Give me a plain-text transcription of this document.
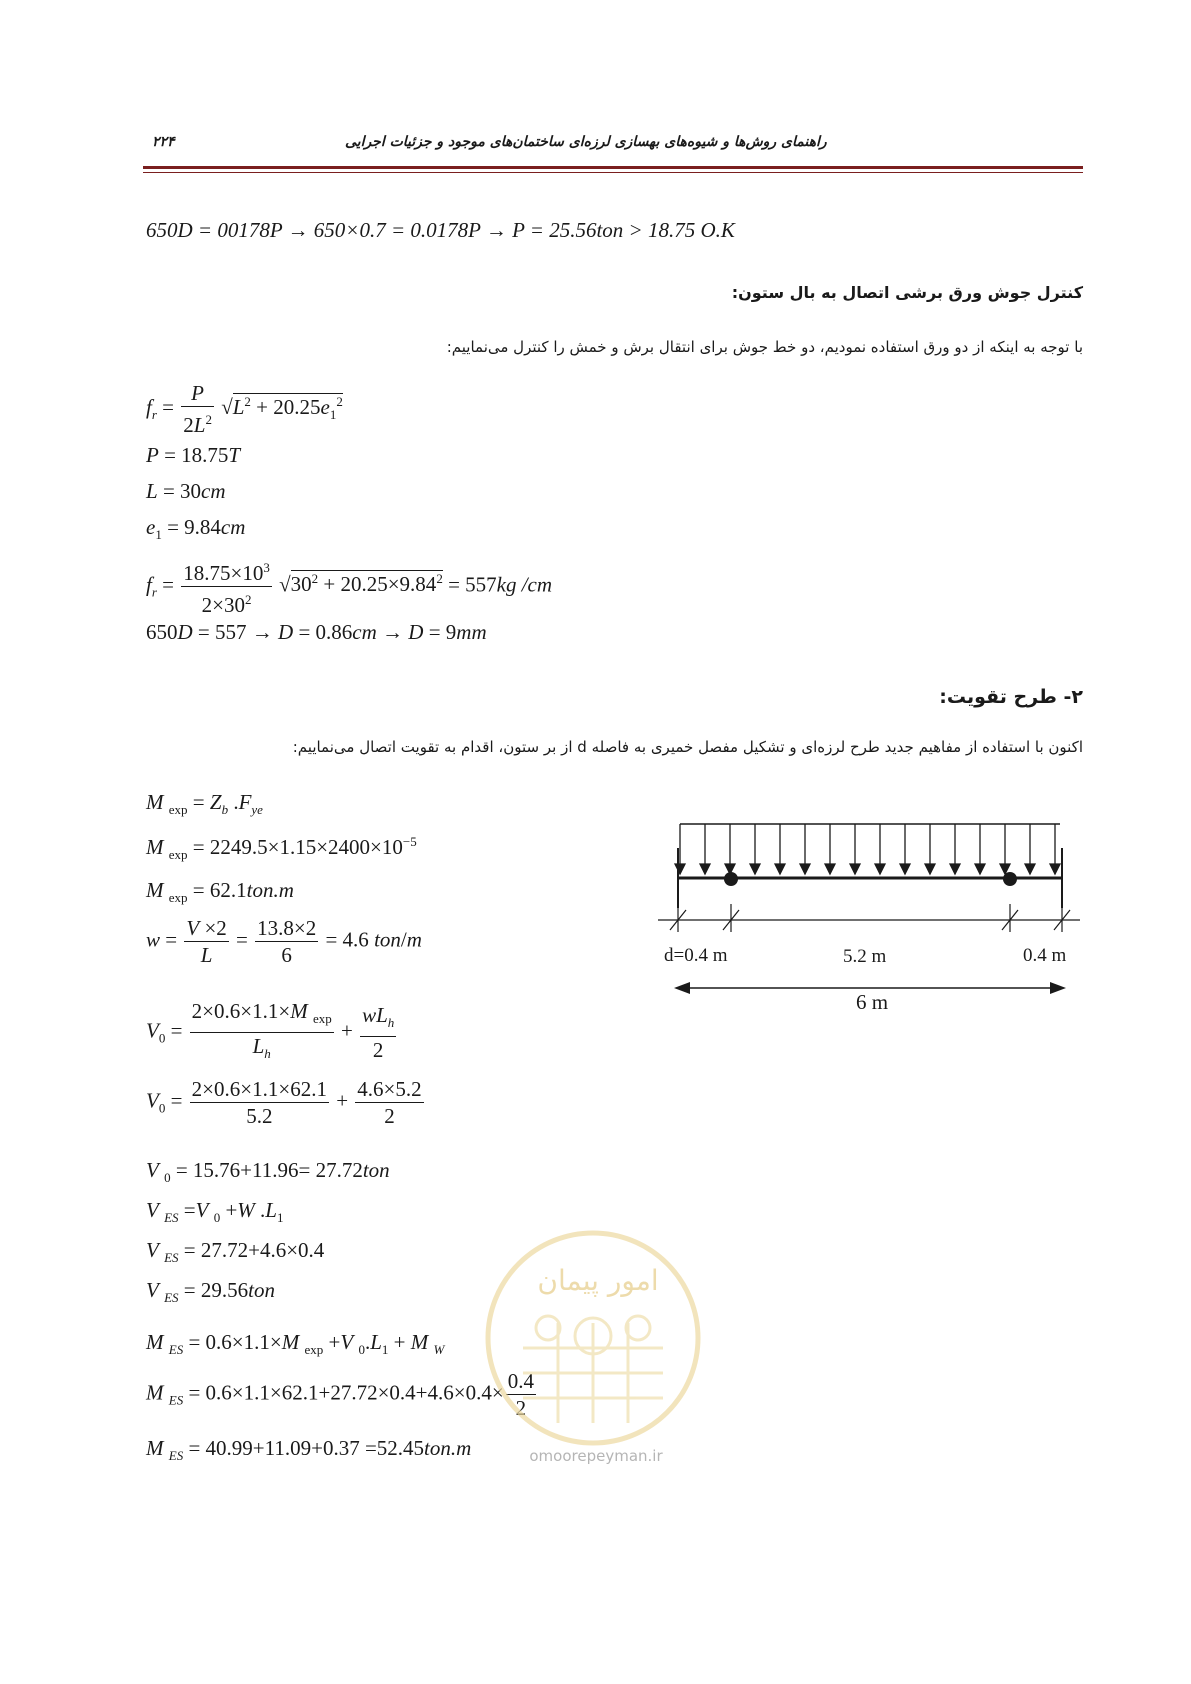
۲۲۴	راهنمای روش‌ها و شیوه‌های بهسازی لرزه‌ای ساختمان‌های موجود و جزئیات اجرایی
650D = 00178P → 650×0.7 = 0.0178P → P = 25.56ton > 18.75 O.K
کنترل جوش ورق برشی اتصال به بال ستون:
با توجه به اینکه از دو ورق استفاده نمودیم، دو خط جوش برای انتقال برش و خمش را کنترل می‌نماییم:
$f_r = \frac{P}{2L^2} √L^2 + 20.25e_1^2$
P = 18.75T
L = 30cm
$e_1 = 9.84cm$
$f_r = \frac{18.75\times 10^3}{2\times 30^2} √30^2 + 20.25\times 9.84^2 = 557kg$ /cm
650D = 557 → D = 0.86cm → D = 9mm
۲- طرح تقویت:
اکنون با استفاده از مفاهیم جدید طرح لرزه‌ای و تشکیل مفصل خمیری به فاصله d از بر ستون، اقدام به تقویت اتصال می‌نماییم:
M $_{exp} = Z_b$ $.F_{ye}$
M $_{exp} = 2249.5\times 1.15\times 2400\times 10^{-5}$
M $_{exp}$ = 62.1ton.m
$w = \frac{V \times 2}{L} = \frac{13.8\times 2}{6} = 4.6$ ton/m
$V_0 = \frac{2\times 0.6\times 1.1\times M _{exp}}{L_h} + \frac{wL_h}{2}$
$V_0 = \frac{2\times 0.6\times 1.1\times 62.1}{5.2} + \frac{4.6\times 5.2}{2}$
V $_0$ = 15.76+11.96= 27.72ton
V $_{ES}$ =V $_0$ +W $.L_1$
V $_{ES}$ = 27.72+4.6×0.4
V $_{ES}$ = 29.56ton
M $_{ES}$ = 0.6×1.1×M $_{exp}$ +V $_0.L_1 + M$ $_W$
M $_{ES} = 0.6\times 1.1\times 62.1+27.72\times 0.4+4.6\times 0.4\times \frac{0.4}{2}$
M $_{ES}$ = 40.99+11.09+0.37 =52.45ton.m
d=0.4 m	5.2 m	0.4 m
6 m
امور پیمان
omoorepeyman.ir
